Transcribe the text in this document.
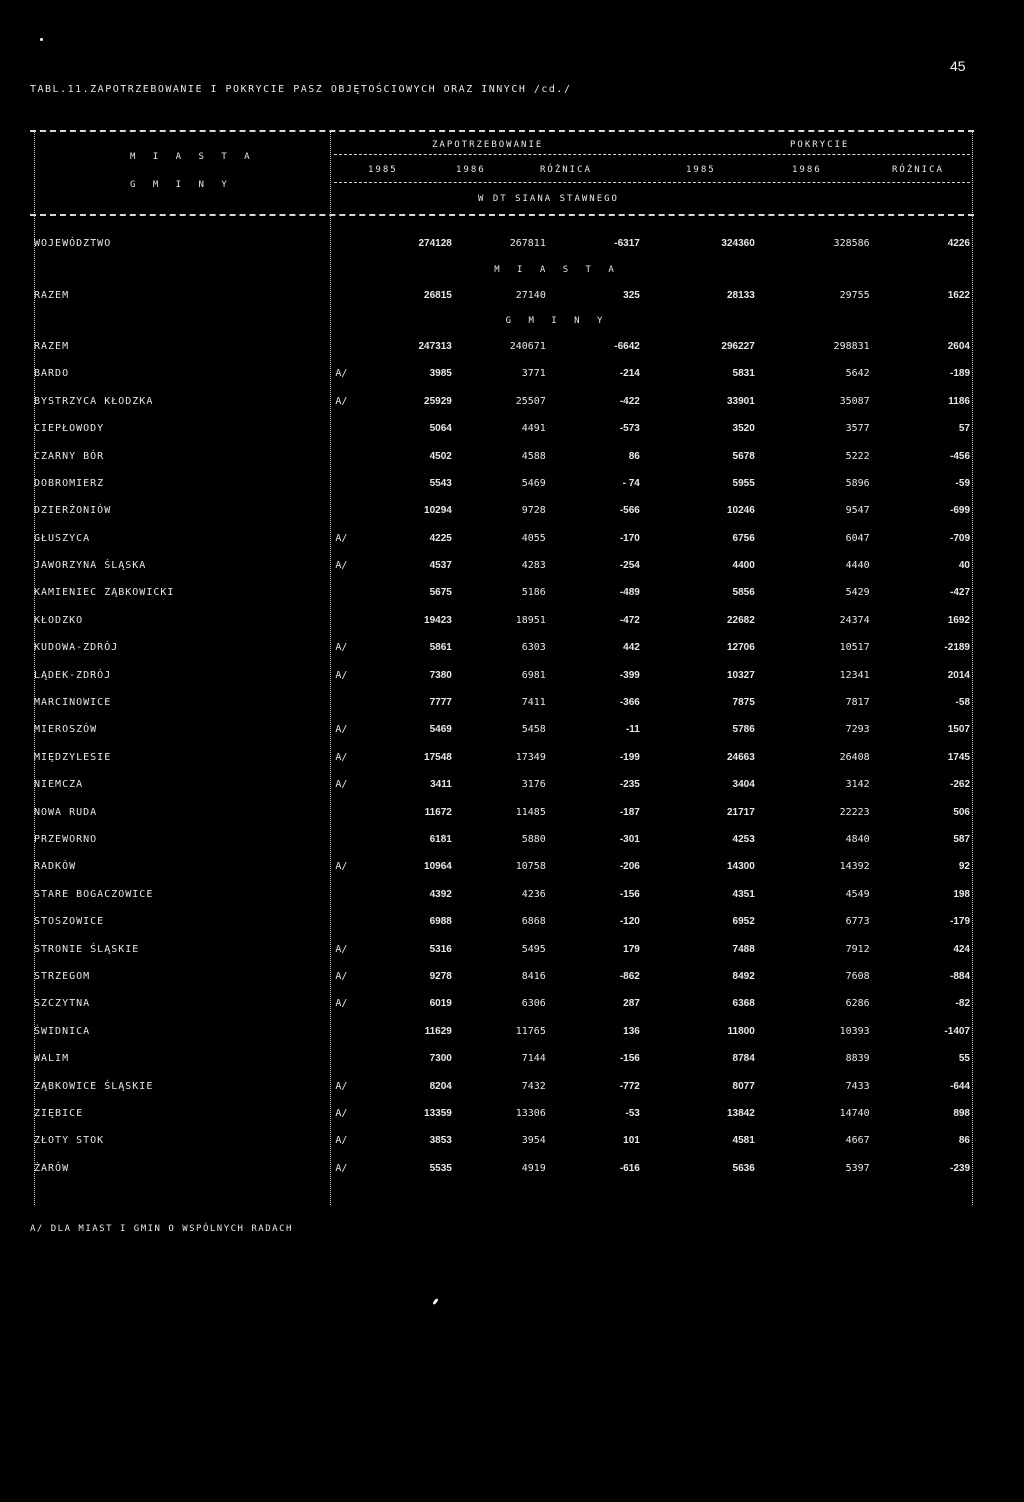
45
TABL.11.ZAPOTRZEBOWANIE I POKRYCIE PASZ OBJĘTOŚCIOWYCH ORAZ INNYCH /cd./
M I A S T A
G M I N Y
ZAPOTRZEBOWANIE	POKRYCIE
1985	1986	RÓŻNICA	1985	1986	RÓŻNICA
W DT SIANA STAWNEGO
WOJEWÓDZTWO		274128	267811	-6317	324360	328586	4226
M I A S T A							
RAZEM		26815	27140	325	28133	29755	1622
G M I N Y							
RAZEM		247313	240671	-6642	296227	298831	2604
BARDO	A/	3985	3771	-214	5831	5642	-189
BYSTRZYCA KŁODZKA	A/	25929	25507	-422	33901	35087	1186
CIEPŁOWODY		5064	4491	-573	3520	3577	57
CZARNY BÓR		4502	4588	86	5678	5222	-456
DOBROMIERZ		5543	5469	- 74	5955	5896	-59
DZIERŻONIÓW		10294	9728	-566	10246	9547	-699
GŁUSZYCA	A/	4225	4055	-170	6756	6047	-709
JAWORZYNA ŚLĄSKA	A/	4537	4283	-254	4400	4440	40
KAMIENIEC ZĄBKOWICKI		5675	5186	-489	5856	5429	-427
KŁODZKO		19423	18951	-472	22682	24374	1692
KUDOWA-ZDRÓJ	A/	5861	6303	442	12706	10517	-2189
LĄDEK-ZDRÓJ	A/	7380	6981	-399	10327	12341	2014
MARCINOWICE		7777	7411	-366	7875	7817	-58
MIEROSZÓW	A/	5469	5458	-11	5786	7293	1507
MIĘDZYLESIE	A/	17548	17349	-199	24663	26408	1745
NIEMCZA	A/	3411	3176	-235	3404	3142	-262
NOWA RUDA		11672	11485	-187	21717	22223	506
PRZEWORNO		6181	5880	-301	4253	4840	587
RADKÓW	A/	10964	10758	-206	14300	14392	92
STARE BOGACZOWICE		4392	4236	-156	4351	4549	198
STOSZOWICE		6988	6868	-120	6952	6773	-179
STRONIE ŚLĄSKIE	A/	5316	5495	179	7488	7912	424
STRZEGOM	A/	9278	8416	-862	8492	7608	-884
SZCZYTNA	A/	6019	6306	287	6368	6286	-82
ŚWIDNICA		11629	11765	136	11800	10393	-1407
WALIM		7300	7144	-156	8784	8839	55
ZĄBKOWICE ŚLĄSKIE	A/	8204	7432	-772	8077	7433	-644
ZIĘBICE	A/	13359	13306	-53	13842	14740	898
ZŁOTY STOK	A/	3853	3954	101	4581	4667	86
ŻARÓW	A/	5535	4919	-616	5636	5397	-239
A/ DLA MIAST I GMIN O WSPÓLNYCH RADACH
